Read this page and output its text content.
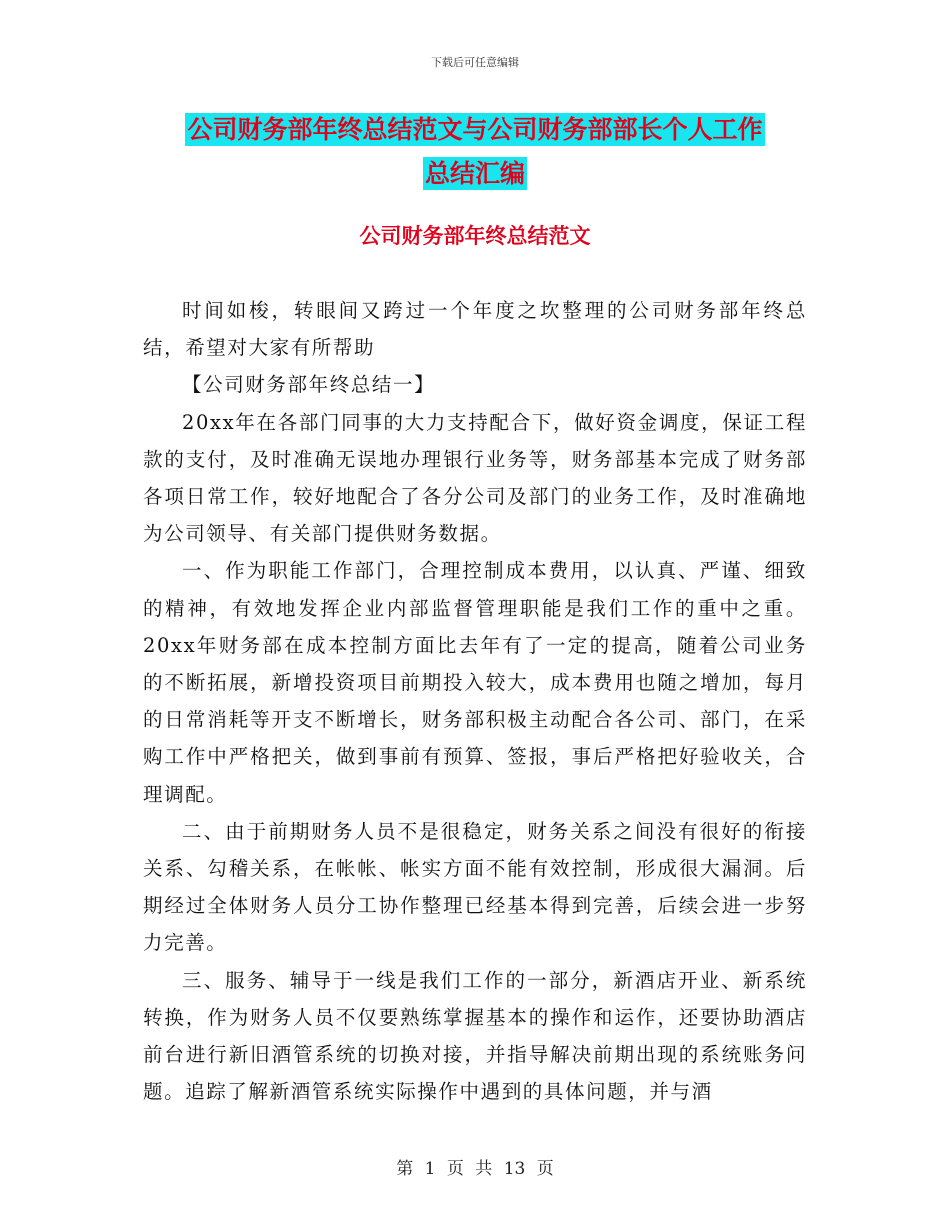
下载后可任意编辑
公司财务部年终总结范文与公司财务部部长个人工作
总结汇编
公司财务部年终总结范文

时间如梭，转眼间又跨过一个年度之坎整理的公司财务部年终总结，希望对大家有所帮助

【公司财务部年终总结一】

20xx年在各部门同事的大力支持配合下，做好资金调度，保证工程款的支付，及时准确无误地办理银行业务等，财务部基本完成了财务部各项日常工作，较好地配合了各分公司及部门的业务工作，及时准确地为公司领导、有关部门提供财务数据。

一、作为职能工作部门，合理控制成本费用，以认真、严谨、细致的精神，有效地发挥企业内部监督管理职能是我们工作的重中之重。20xx年财务部在成本控制方面比去年有了一定的提高，随着公司业务的不断拓展，新增投资项目前期投入较大，成本费用也随之增加，每月的日常消耗等开支不断增长，财务部积极主动配合各公司、部门，在采购工作中严格把关，做到事前有预算、签报，事后严格把好验收关，合理调配。

二、由于前期财务人员不是很稳定，财务关系之间没有很好的衔接关系、勾稽关系，在帐帐、帐实方面不能有效控制，形成很大漏洞。后期经过全体财务人员分工协作整理已经基本得到完善，后续会进一步努力完善。

三、服务、辅导于一线是我们工作的一部分，新酒店开业、新系统转换，作为财务人员不仅要熟练掌握基本的操作和运作，还要协助酒店前台进行新旧酒管系统的切换对接，并指导解决前期出现的系统账务问题。追踪了解新酒管系统实际操作中遇到的具体问题，并与酒

第 1 页 共 13 页
